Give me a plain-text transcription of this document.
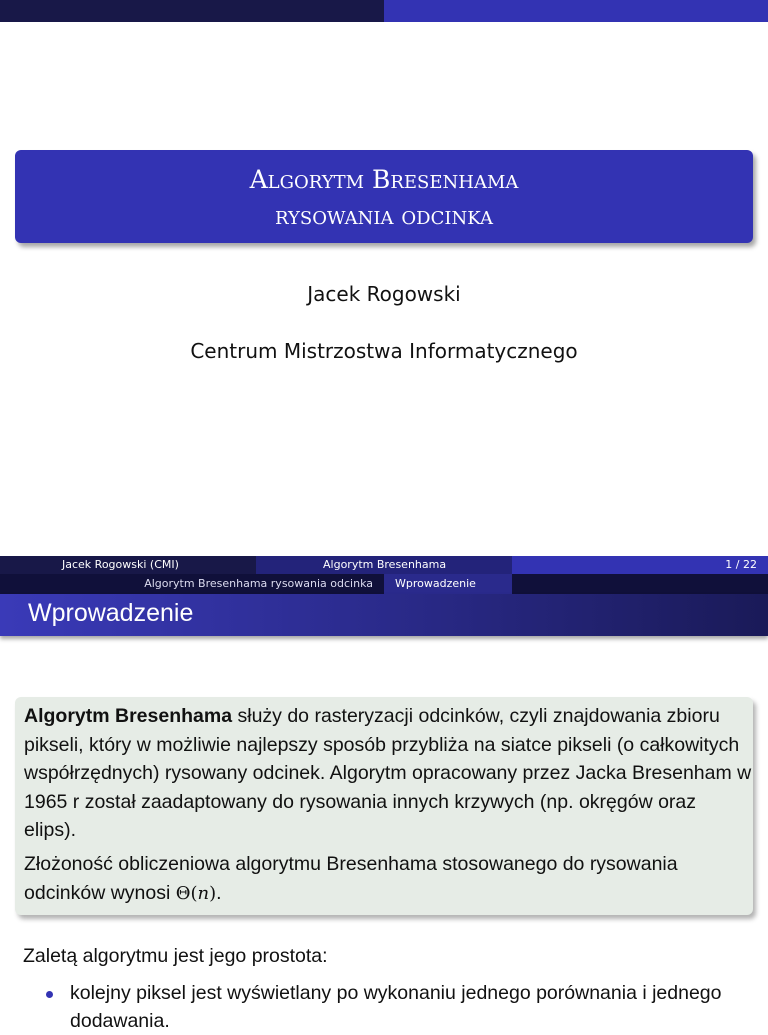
Algorytm Bresenhama
rysowania odcinka
Jacek Rogowski
Centrum Mistrzostwa Informatycznego
Jacek Rogowski (CMI)	Algorytm Bresenhama	1 / 22
Algorytm Bresenhama rysowania odcinka Wprowadzenie
Wprowadzenie

Algorytm Bresenhama służy do rasteryzacji odcinków, czyli znajdowania zbioru pikseli, który w możliwie najlepszy sposób przybliża na siatce pikseli (o całkowitych współrzędnych) rysowany odcinek. Algorytm opracowany przez Jacka Bresenham w 1965 r został zaadaptowany do rysowania innych krzywych (np. okręgów oraz elips).

Złożoność obliczeniowa algorytmu Bresenhama stosowanego do rysowania odcinków wynosi Θ(n).

Zaletą algorytmu jest jego prostota:
kolejny piksel jest wyświetlany po wykonaniu jednego porównania i jednego dodawania.
